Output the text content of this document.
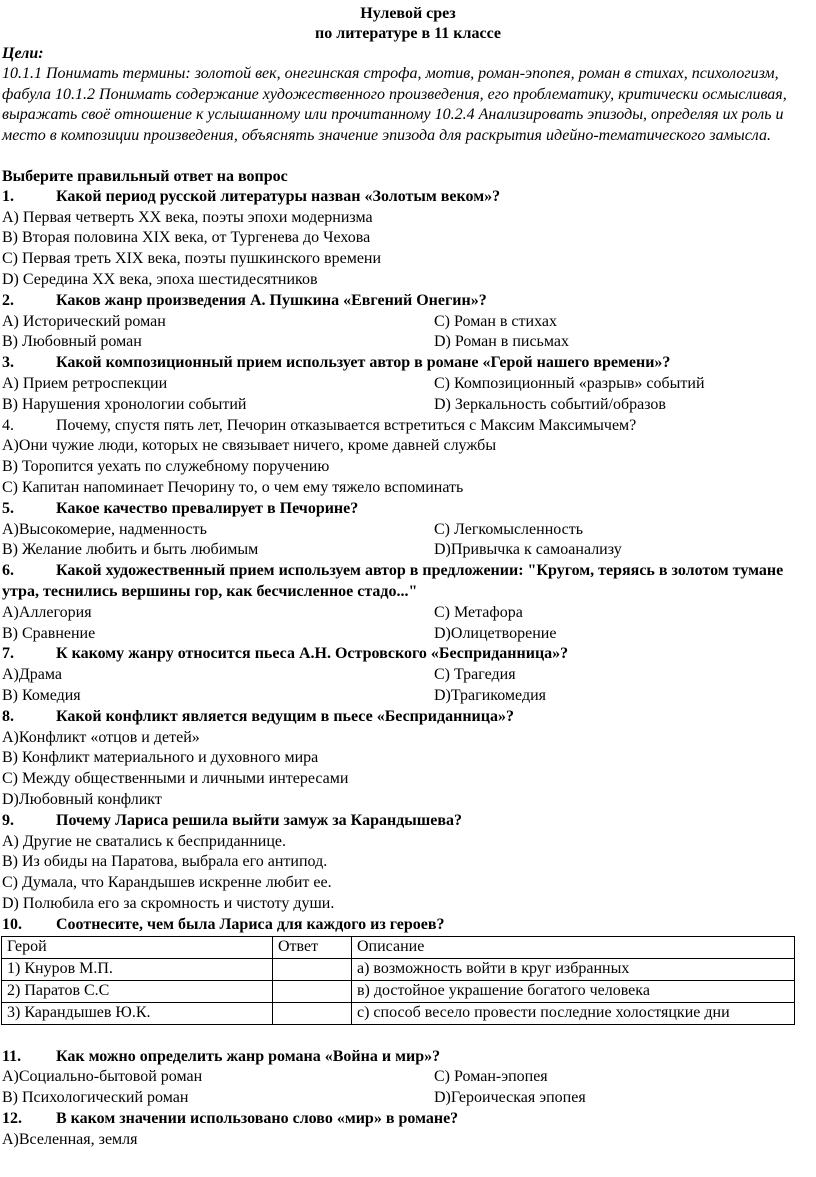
Нулевой срез
по литературе в 11 классе
Цели:
10.1.1 Понимать термины: золотой век, онегинская строфа, мотив, роман-эпопея, роман в стихах, психологизм, фабула 10.1.2 Понимать содержание художественного произведения, его проблематику, критически осмысливая, выражать своё отношение к услышанному или прочитанному 10.2.4 Анализировать эпизоды, определяя их роль и место в композиции произведения, объяснять значение эпизода для раскрытия идейно-тематического замысла.
Выберите правильный ответ на вопрос
1.	Какой период русской литературы назван «Золотым веком»?
A) Первая четверть XX века, поэты эпохи модернизма
B) Вторая половина XIX века, от Тургенева до Чехова
C) Первая треть XIX века, поэты пушкинского времени
D) Середина XX века, эпоха шестидесятников
2.	Каков жанр произведения А. Пушкина «Евгений Онегин»?
A) Исторический роман	C) Роман в стихах
B) Любовный роман	D) Роман в письмах
3.	Какой композиционный прием использует автор в романе «Герой нашего времени»?
A) Прием ретроспекции	C) Композиционный «разрыв» событий
B) Нарушения хронологии событий	D) Зеркальность событий/образов
4.	Почему, спустя пять лет, Печорин отказывается встретиться с Максим Максимычем?
A)Они чужие люди, которых не связывает ничего, кроме давней службы
B) Торопится уехать по служебному поручению
C) Капитан напоминает Печорину то, о чем ему тяжело вспоминать
5.	Какое качество превалирует в Печорине?
A)Высокомерие, надменность	C) Легкомысленность
B) Желание любить и быть любимым	D)Привычка к самоанализу
6.	Какой художественный прием используем автор в предложении: "Кругом, теряясь в золотом тумане утра, теснились вершины гор, как бесчисленное стадо..."
A)Аллегория	C) Метафора
B) Сравнение	D)Олицетворение
7.	К какому жанру относится пьеса А.Н. Островского «Бесприданница»?
A)Драма	C) Трагедия
B) Комедия	D)Трагикомедия
8.	Какой конфликт является ведущим в пьесе «Бесприданница»?
A)Конфликт «отцов и детей»
B) Конфликт материального и духовного мира
C) Между общественными и личными интересами
D)Любовный конфликт
9.	Почему Лариса решила выйти замуж за Карандышева?
A) Другие не сватались к бесприданнице.
B) Из обиды на Паратова, выбрала его антипод.
C) Думала, что Карандышев искренне любит ее.
D) Полюбила его за скромность и чистоту души.
10.	Соотнесите, чем была Лариса для каждого из героев?
Герой	Ответ	Описание
1) Кнуров М.П.		а) возможность войти в круг избранных
2) Паратов С.С		в) достойное украшение богатого человека
3) Карандышев Ю.К.		с) способ весело провести последние холостяцкие дни
11.	Как можно определить жанр романа «Война и мир»?
A)Социально-бытовой роман	C) Роман-эпопея
B) Психологический роман	D)Героическая эпопея
12.	В каком значении использовано слово «мир» в романе?
A)Вселенная, земля
